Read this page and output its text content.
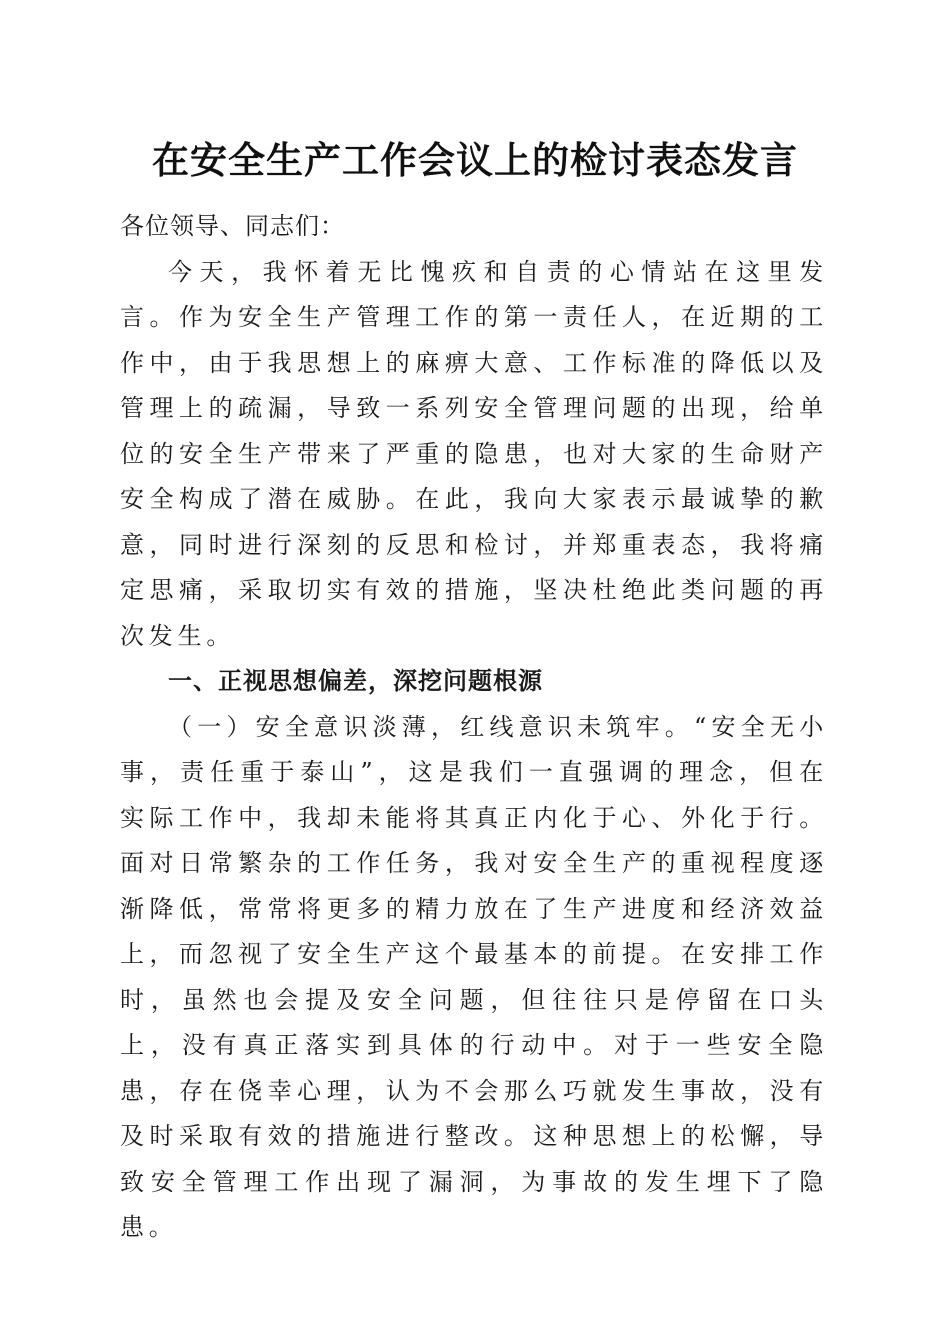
在安全生产工作会议上的检讨表态发言

各位领导、同志们：

今天，我怀着无比愧疚和自责的心情站在这里发言。作为安全生产管理工作的第一责任人，在近期的工作中，由于我思想上的麻痹大意、工作标准的降低以及管理上的疏漏，导致一系列安全管理问题的出现，给单位的安全生产带来了严重的隐患，也对大家的生命财产安全构成了潜在威胁。在此，我向大家表示最诚挚的歉意，同时进行深刻的反思和检讨，并郑重表态，我将痛定思痛，采取切实有效的措施，坚决杜绝此类问题的再次发生。

一、正视思想偏差，深挖问题根源

（一）安全意识淡薄，红线意识未筑牢。“安全无小事，责任重于泰山”，这是我们一直强调的理念，但在实际工作中，我却未能将其真正内化于心、外化于行。面对日常繁杂的工作任务，我对安全生产的重视程度逐渐降低，常常将更多的精力放在了生产进度和经济效益上，而忽视了安全生产这个最基本的前提。在安排工作时，虽然也会提及安全问题，但往往只是停留在口头上，没有真正落实到具体的行动中。对于一些安全隐患，存在侥幸心理，认为不会那么巧就发生事故，没有及时采取有效的措施进行整改。这种思想上的松懈，导致安全管理工作出现了漏洞，为事故的发生埋下了隐患。
